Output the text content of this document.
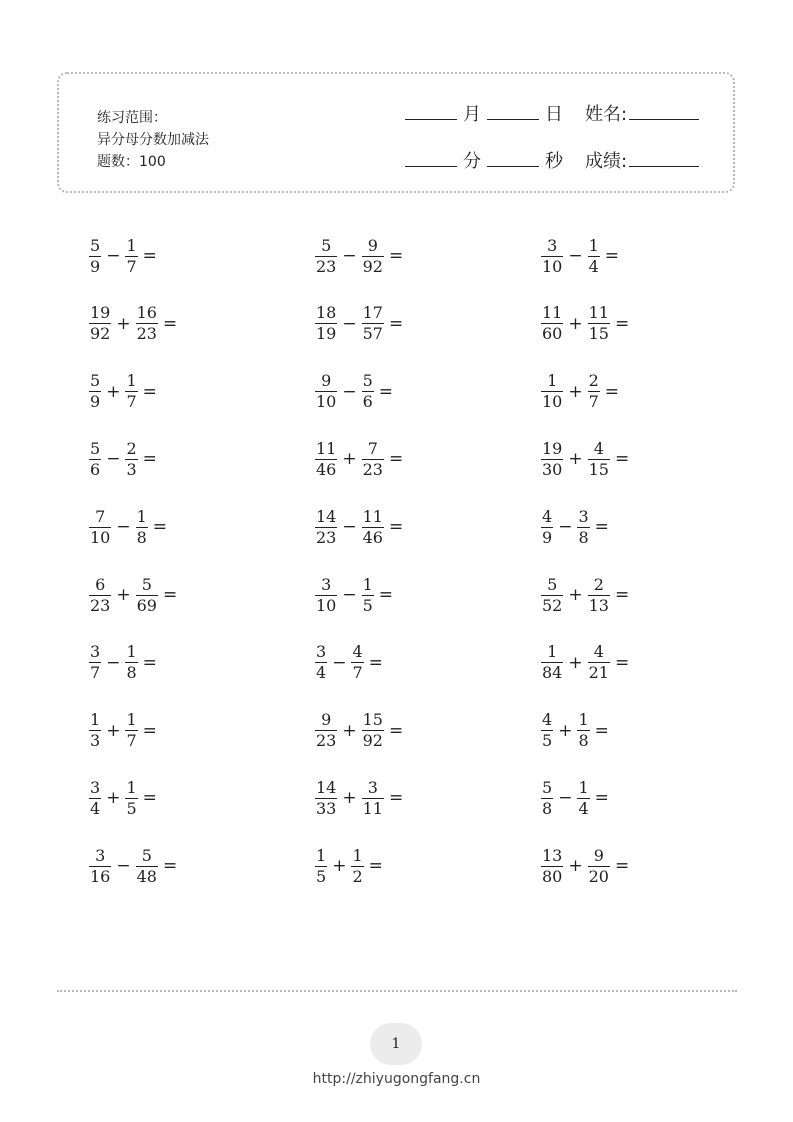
练习范围：
异分母分数加减法
题数：100
月	日 姓名:
分	秒 成绩:
$\frac{5}{9} - \frac{1}{7}$ =
$\frac{19}{92} + \frac{16}{23}$ =
$\frac{5}{9} + \frac{1}{7}$ =
$\frac{5}{6} - \frac{2}{3}$ =
$\frac{7}{10} - \frac{1}{8}$ =
$\frac{6}{23} + \frac{5}{69}$ =
$\frac{3}{7} - \frac{1}{8}$ =
$\frac{1}{3} + \frac{1}{7}$ =
$\frac{3}{4} + \frac{1}{5}$ =
$\frac{3}{16} - \frac{5}{48}$ =
$\frac{5}{23} - \frac{9}{92}$ =
$\frac{18}{19} - \frac{17}{57}$ =
$\frac{9}{10} - \frac{5}{6}$ =
$\frac{11}{46} + \frac{7}{23}$ =
$\frac{14}{23} - \frac{11}{46}$ =
$\frac{3}{10} - \frac{1}{5}$ =
$\frac{3}{4} - \frac{4}{7}$ =
$\frac{9}{23} + \frac{15}{92}$ =
$\frac{14}{33} + \frac{3}{11}$ =
$\frac{1}{5} + \frac{1}{2}$ =
$\frac{3}{10} - \frac{1}{4}$ =
$\frac{11}{60} + \frac{11}{15}$ =
$\frac{1}{10} + \frac{2}{7}$ =
$\frac{19}{30} + \frac{4}{15}$ =
$\frac{4}{9} - \frac{3}{8}$ =
$\frac{5}{52} + \frac{2}{13}$ =
$\frac{1}{84} + \frac{4}{21}$ =
$\frac{4}{5} + \frac{1}{8}$ =
$\frac{5}{8} - \frac{1}{4}$ =
$\frac{13}{80} + \frac{9}{20}$ =
1
http://zhiyugongfang.cn
